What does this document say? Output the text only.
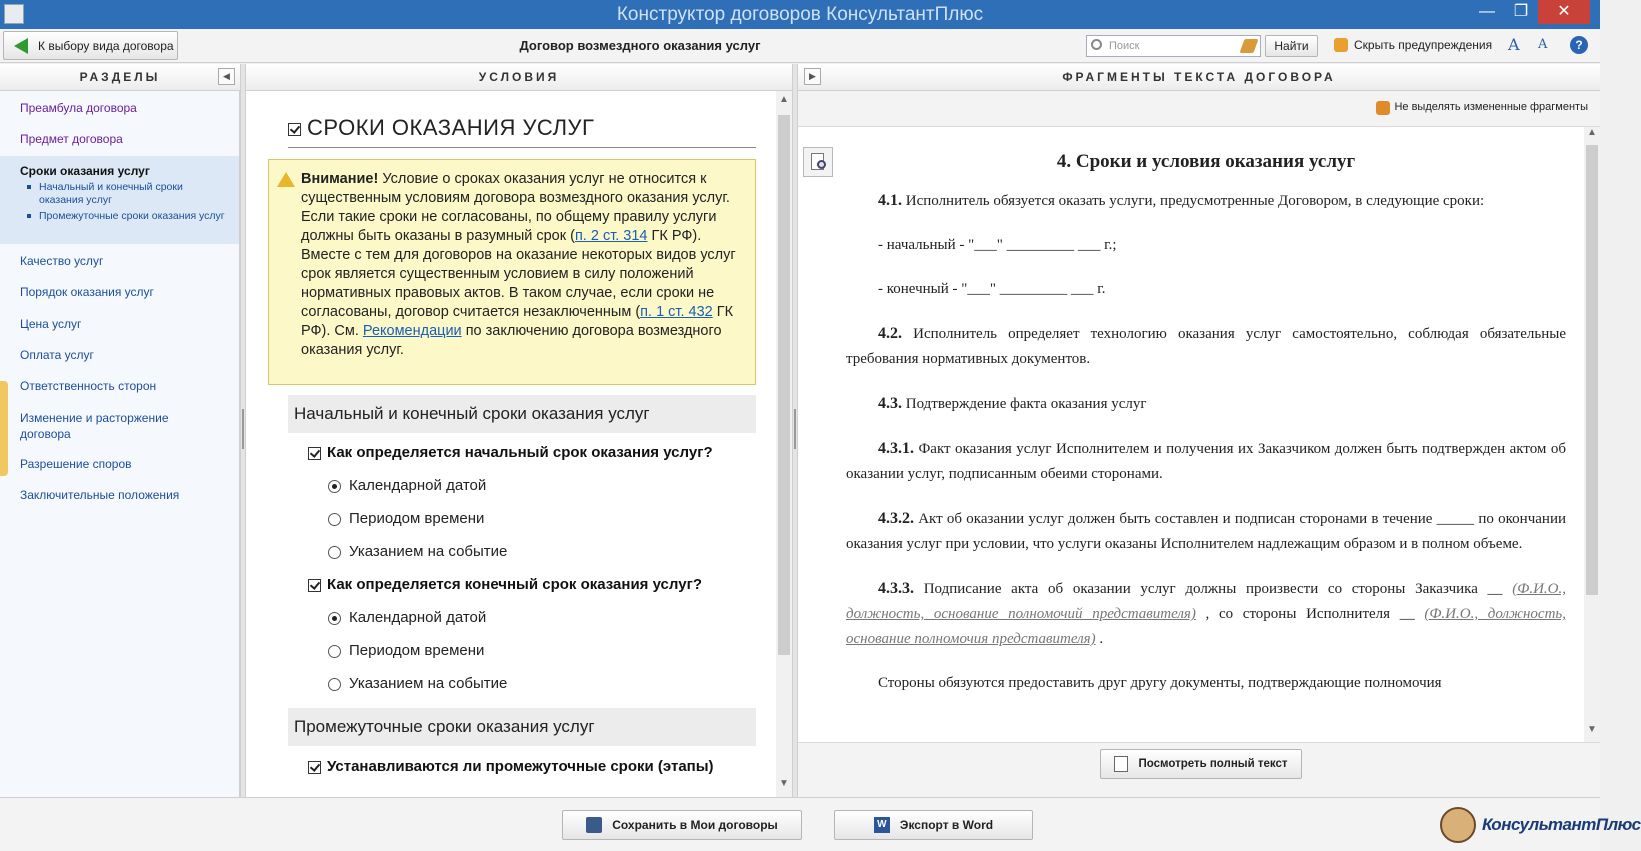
Конструктор договоров КонсультантПлюс	—	❐	✕
К выбору вида договора	Договор возмездного оказания услуг	Поиск	Найти	Скрыть предупреждения A A	?
РАЗДЕЛЫ	◀	УСЛОВИЯ	▶	ФРАГМЕНТЫ ТЕКСТА ДОГОВОРА
Преамбула договора
Предмет договора
Сроки оказания услуг
Начальный и конечный сроки оказания услуг
Промежуточные сроки оказания услуг
Качество услуг
Порядок оказания услуг
Цена услуг
Оплата услуг
Ответственность сторон
Изменение и расторжение договора
Разрешение споров
Заключительные положения
СРОКИ ОКАЗАНИЯ УСЛУГ
Внимание! Условие о сроках оказания услуг не относится к существенным условиям договора возмездного оказания услуг. Если такие сроки не согласованы, по общему правилу услуги должны быть оказаны в разумный срок (п. 2 ст. 314 ГК РФ). Вместе с тем для договоров на оказание некоторых видов услуг срок является существенным условием в силу положений нормативных правовых актов. В таком случае, если сроки не согласованы, договор считается незаключенным (п. 1 ст. 432 ГК РФ). См. Рекомендации по заключению договора возмездного оказания услуг.
Начальный и конечный сроки оказания услуг
Как определяется начальный срок оказания услуг?
Календарной датой
Периодом времени
Указанием на событие
Как определяется конечный срок оказания услуг?
Календарной датой
Периодом времени
Указанием на событие
Промежуточные сроки оказания услуг
Устанавливаются ли промежуточные сроки (этапы)
▲
▼
Не выделять измененные фрагменты
4. Сроки и условия оказания услуг

4.1. Исполнитель обязуется оказать услуги, предусмотренные Договором, в следующие сроки:

- начальный - "___" _________ ___ г.;

- конечный - "___" _________ ___ г.

4.2. Исполнитель определяет технологию оказания услуг самостоятельно, соблюдая обязательные требования нормативных документов.

4.3. Подтверждение факта оказания услуг

4.3.1. Факт оказания услуг Исполнителем и получения их Заказчиком должен быть подтвержден актом об оказании услуг, подписанным обеими сторонами.

4.3.2. Акт об оказании услуг должен быть составлен и подписан сторонами в течение _____ по окончании оказания услуг при условии, что услуги оказаны Исполнителем надлежащим образом и в полном объеме.

4.3.3. Подписание акта об оказании услуг должны произвести со стороны Заказчика __ (Ф.И.О., должность, основание полномочий представителя) , со стороны Исполнителя __ (Ф.И.О., должность, основание полномочия представителя) .

Стороны обязуются предоставить друг другу документы, подтверждающие полномочия

▲
▼
Посмотреть полный текст
Сохранить в Мои договоры	W Экспорт в Word	КонсультантПлюс
